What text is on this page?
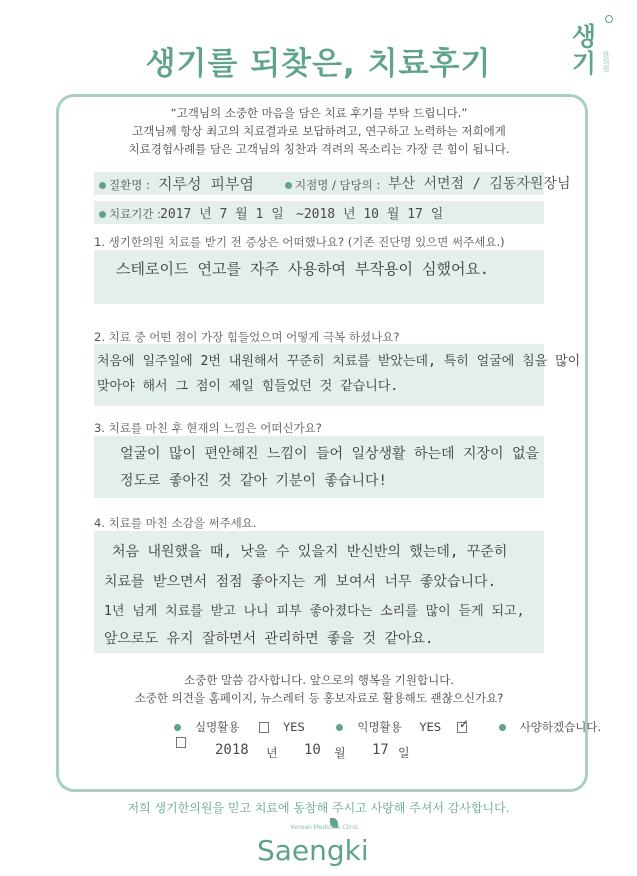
생기를 되찾은, 치료후기
생기 한의원
“고객님의 소중한 마음을 담은 치료 후기를 부탁 드립니다.”
고객님께 항상 최고의 치료결과로 보답하려고, 연구하고 노력하는 저희에게
치료경험사례를 담은 고객님의 칭찬과 격려의 목소리는 가장 큰 힘이 됩니다.
질환명 : 지루성 피부염	지점명 / 담당의 : 부산 서면점 / 김동자원장님
치료기간 : 2017 년 7 월 1 일 ~2018 년 10 월 17 일
1. 생기한의원 치료를 받기 전 증상은 어떠했나요? (기존 진단명 있으면 써주세요.)
스테로이드 연고를 자주 사용하여 부작용이 심했어요.
2. 치료 중 어떤 점이 가장 힘들었으며 어떻게 극복 하셨나요?
처음에 일주일에 2번 내원해서 꾸준히 치료를 받았는데, 특히 얼굴에 침을 많이
맞아야 해서 그 점이 제일 힘들었던 것 같습니다.
3. 치료를 마친 후 현재의 느낌은 어떠신가요?
얼굴이 많이 편안해진 느낌이 들어 일상생활 하는데 지장이 없을
정도로 좋아진 것 같아 기분이 좋습니다!
4. 치료를 마친 소감을 써주세요.
처음 내원했을 때, 낫을 수 있을지 반신반의 했는데, 꾸준히
치료를 받으면서 점점 좋아지는 게 보여서 너무 좋았습니다.
1년 넘게 치료를 받고 나니 피부 좋아졌다는 소리를 많이 듣게 되고,
앞으로도 유지 잘하면서 관리하면 좋을 것 같아요.
소중한 말씀 감사합니다. 앞으로의 행복을 기원합니다.
소중한 의견을 홈페이지, 뉴스레터 등 홍보자료로 활용해도 괜찮으신가요?
실명활용	YES	익명활용 YES ✓	사양하겠습니다.
2018 년 10 월 17 일
저희 생기한의원을 믿고 치료에 동참해 주시고 사랑해 주셔서 감사합니다.
Korean Medicine Clinic
Saengki
